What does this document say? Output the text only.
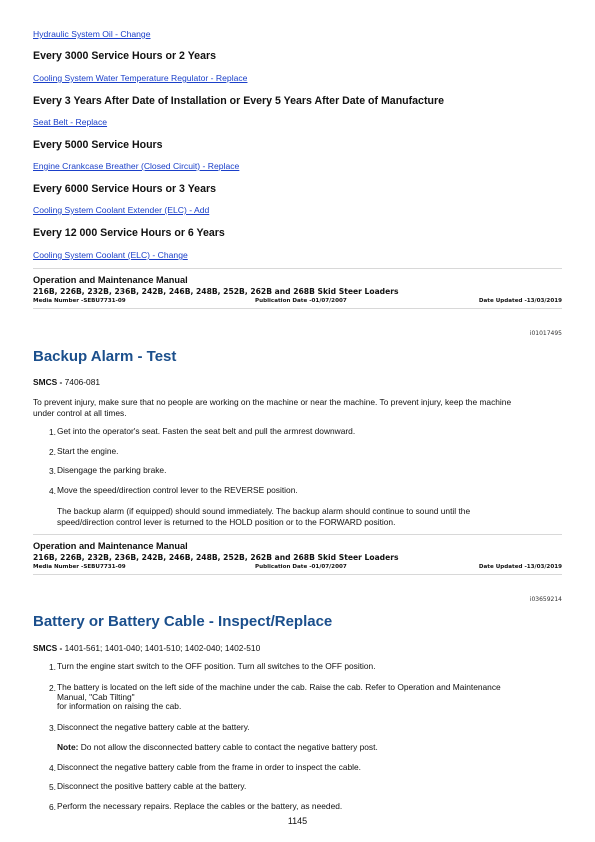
Hydraulic System Oil - Change
Every 3000 Service Hours or 2 Years
Cooling System Water Temperature Regulator - Replace
Every 3 Years After Date of Installation or Every 5 Years After Date of Manufacture
Seat Belt - Replace
Every 5000 Service Hours
Engine Crankcase Breather (Closed Circuit) - Replace
Every 6000 Service Hours or 3 Years
Cooling System Coolant Extender (ELC) - Add
Every 12 000 Service Hours or 6 Years
Cooling System Coolant (ELC) - Change
Operation and Maintenance Manual
216B, 226B, 232B, 236B, 242B, 246B, 248B, 252B, 262B and 268B Skid Steer Loaders
Media Number -SEBU7731-09	Publication Date -01/07/2007	Date Updated -13/03/2019
i01017495
Backup Alarm - Test
SMCS - 7406-081
To prevent injury, make sure that no people are working on the machine or near the machine. To prevent injury, keep the machine
under control at all times.
1. Get into the operator's seat. Fasten the seat belt and pull the armrest downward.
2. Start the engine.
3. Disengage the parking brake.
4. Move the speed/direction control lever to the REVERSE position.
The backup alarm (if equipped) should sound immediately. The backup alarm should continue to sound until the
speed/direction control lever is returned to the HOLD position or to the FORWARD position.
Operation and Maintenance Manual
216B, 226B, 232B, 236B, 242B, 246B, 248B, 252B, 262B and 268B Skid Steer Loaders
Media Number -SEBU7731-09	Publication Date -01/07/2007	Date Updated -13/03/2019
i03659214
Battery or Battery Cable - Inspect/Replace
SMCS - 1401-561; 1401-040; 1401-510; 1402-040; 1402-510
1. Turn the engine start switch to the OFF position. Turn all switches to the OFF position.
2. The battery is located on the left side of the machine under the cab. Raise the cab. Refer to Operation and Maintenance
Manual, "Cab Tilting"
for information on raising the cab.
3. Disconnect the negative battery cable at the battery.
Note: Do not allow the disconnected battery cable to contact the negative battery post.
4. Disconnect the negative battery cable from the frame in order to inspect the cable.
5. Disconnect the positive battery cable at the battery.
6. Perform the necessary repairs. Replace the cables or the battery, as needed.
1145
